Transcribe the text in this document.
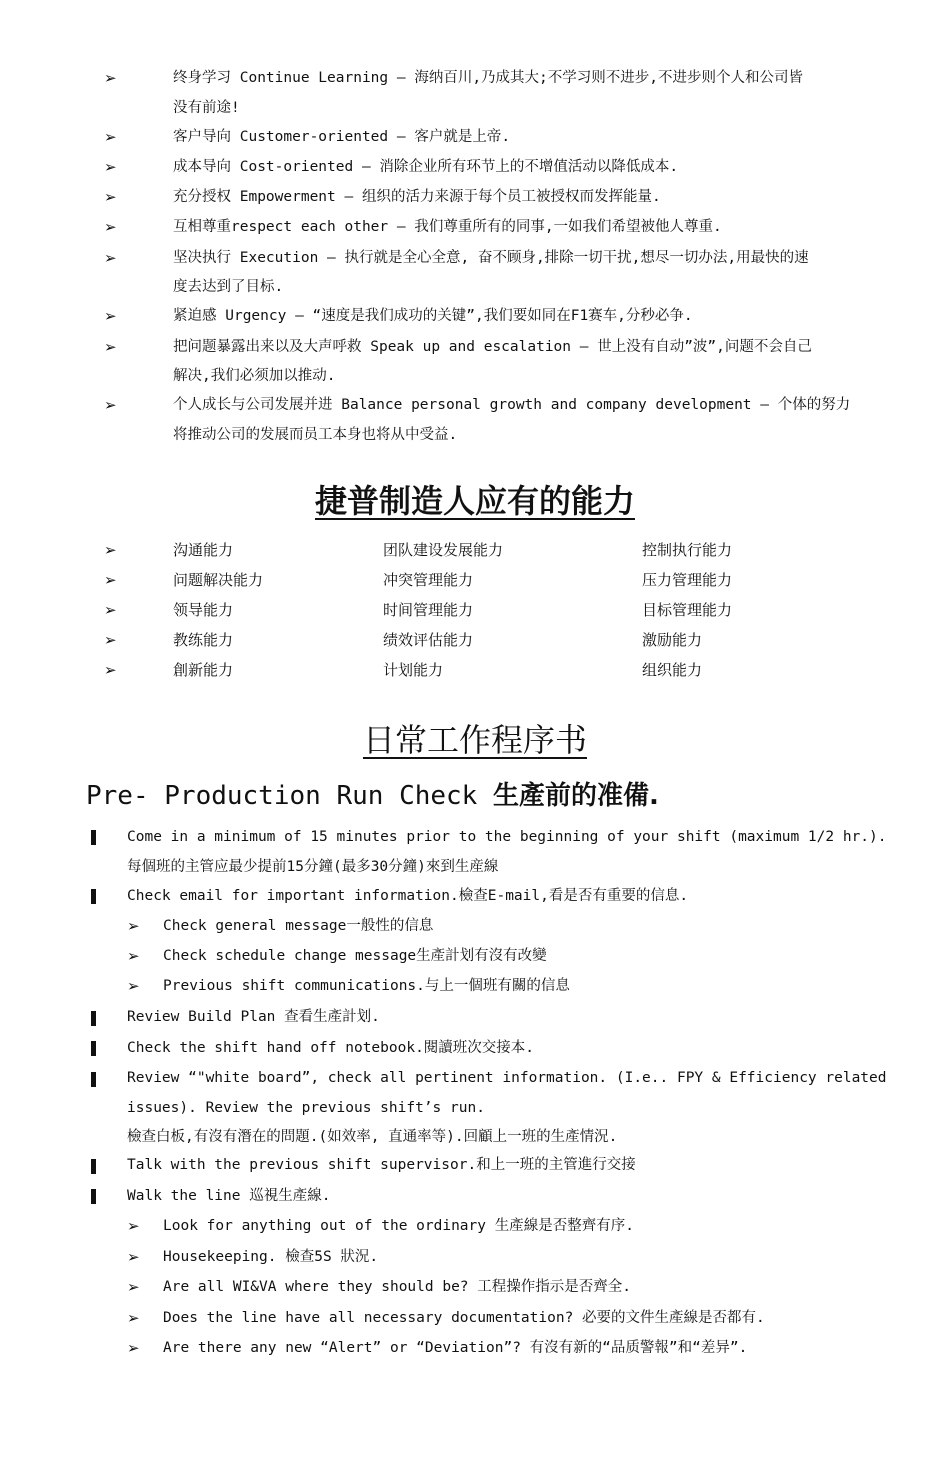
➢	终身学习 Continue Learning – 海纳百川,乃成其大;不学习则不进步,不进步则个人和公司皆
没有前途!
➢	客户导向 Customer-oriented – 客户就是上帝.
➢	成本导向 Cost-oriented – 消除企业所有环节上的不增值活动以降低成本.
➢	充分授权 Empowerment – 组织的活力来源于每个员工被授权而发挥能量.
➢	互相尊重respect each other – 我们尊重所有的同事,一如我们希望被他人尊重.
➢	坚决执行 Execution – 执行就是全心全意, 奋不顾身,排除一切干扰,想尽一切办法,用最快的速
度去达到了目标.
➢	紧迫感 Urgency – “速度是我们成功的关键”,我们要如同在F1赛车,分秒必争.
➢	把问题暴露出来以及大声呼救 Speak up and escalation – 世上没有自动”波”,问题不会自己
解决,我们必须加以推动.
➢	个人成长与公司发展并进 Balance personal growth and company development – 个体的努力
将推动公司的发展而员工本身也将从中受益.
捷普制造人应有的能力
➢	沟通能力	团队建设发展能力	控制执行能力
➢	问题解决能力	冲突管理能力	压力管理能力
➢	领导能力	时间管理能力	目标管理能力
➢	教练能力	绩效评估能力	激励能力
➢	創新能力	计划能力	组织能力
日常工作程序书
Pre- Production Run Check 生產前的准備.
Come in a minimum of 15 minutes prior to the beginning of your shift (maximum 1/2 hr.).
每個班的主管应最少提前15分鐘(最多30分鐘)來到生産線
Check email for important information.檢查E-mail,看是否有重要的信息.
➢ Check general message一般性的信息
➢ Check schedule change message生產計划有沒有改變
➢ Previous shift communications.与上一個班有關的信息
Review Build Plan 查看生產計划.
Check the shift hand off notebook.閱讀班次交接本.
Review “"white board”, check all pertinent information. (I.e.. FPY & Efficiency related
issues). Review the previous shift’s run.
檢查白板,有沒有潛在的問題.(如效率, 直通率等).回顧上一班的生產情況.
Talk with the previous shift supervisor.和上一班的主管進行交接
Walk the line 巡視生產線.
➢ Look for anything out of the ordinary 生產線是否整齊有序.
➢ Housekeeping. 檢查5S 狀況.
➢ Are all WI&VA where they should be? 工程操作指示是否齊全.
➢ Does the line have all necessary documentation? 必要的文件生產線是否都有.
➢ Are there any new “Alert” or “Deviation”? 有沒有新的“品质警報”和“差异”.
